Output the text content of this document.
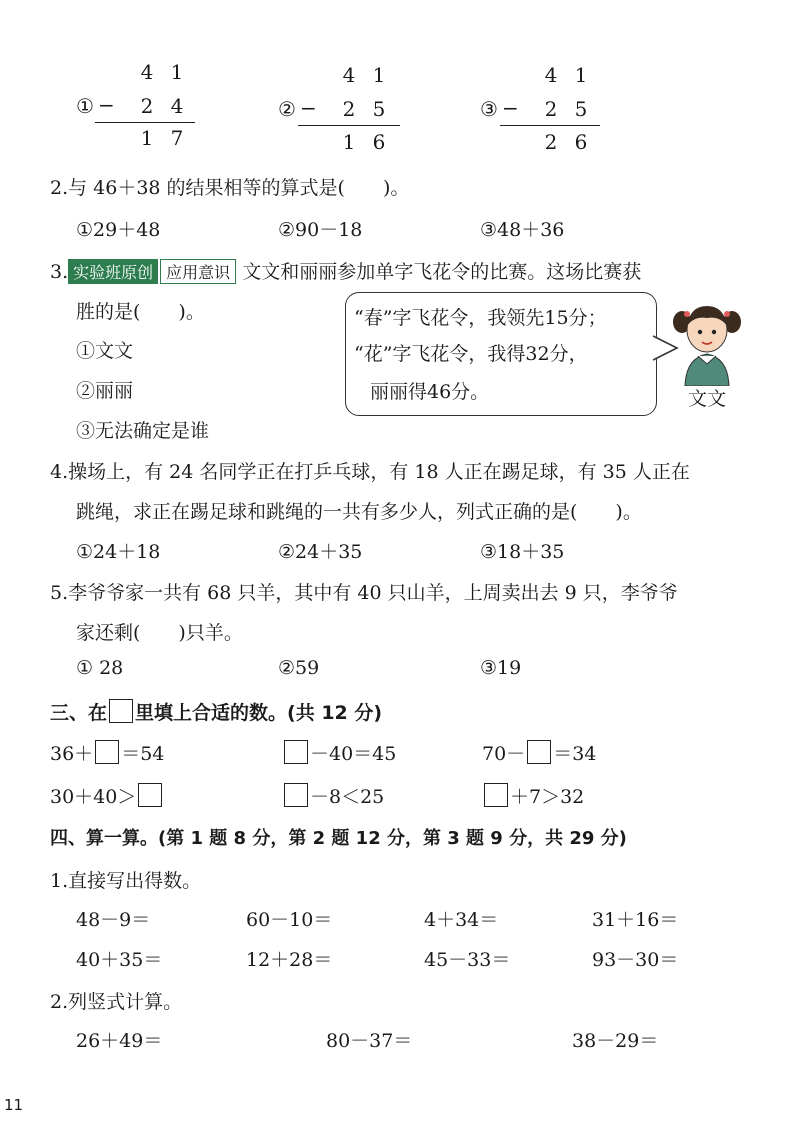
4 1
① − 2 4
1 7
4 1
② − 2 5
1 6
4 1
③ − 2 5
2 6
2.与 46＋38 的结果相等的算式是(　　)。
①29＋48	②90－18	③48＋36
3. 实验班原创 应用意识 文文和丽丽参加单字飞花令的比赛。这场比赛获
胜的是(　　)。
①文文
②丽丽
③无法确定是谁
“春”字飞花令，我领先15分；
“花”字飞花令，我得32分，
丽丽得46分。	文文
4.操场上，有 24 名同学正在打乒乓球，有 18 人正在踢足球，有 35 人正在
跳绳，求正在踢足球和跳绳的一共有多少人，列式正确的是(　　)。
①24＋18	②24＋35	③18＋35
5.李爷爷家一共有 68 只羊，其中有 40 只山羊，上周卖出去 9 只，李爷爷
家还剩(　　)只羊。
① 28	②59	③19
三、在 里填上合适的数。(共 12 分)
36＋ ＝54	－40＝45	70－ ＝34
30＋40＞	－8＜25	＋7＞32
四、算一算。(第 1 题 8 分，第 2 题 12 分，第 3 题 9 分，共 29 分)
1.直接写出得数。
48－9＝	60－10＝	4＋34＝	31＋16＝
40＋35＝	12＋28＝	45－33＝	93－30＝
2.列竖式计算。
26＋49＝	80－37＝	38－29＝
11
